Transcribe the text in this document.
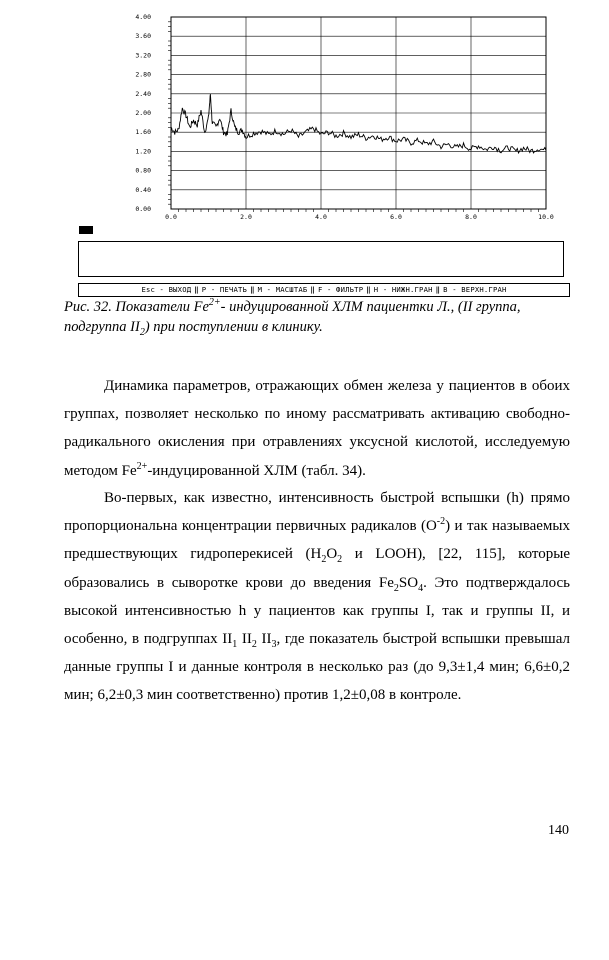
0.00
0.40
0.80
1.20
1.60
2.00
2.40
2.80
3.20
3.60
4.00
0.0	2.0	4.0	6.0	8.0	10.0
Esc - ВЫХОД ‖ P - ПЕЧАТЬ ‖ M - МАСШТАБ ‖ F - ФИЛЬТР ‖ H - НИЖН.ГРАН ‖ B - ВЕРХН.ГРАН
Рис. 32. Показатели $Fe^{2+}-$ индуцированной ХЛМ пациентки Л., (II группа, подгруппа $II_2$) при поступлении в клинику.
Динамика параметров, отражающих обмен железа у пациентов в обоих группах, позволяет несколько по иному рассматривать активацию свободно-радикального окисления при отравлениях уксусной кислотой, исследуемую методом $Fe^{2+}$-индуцированной ХЛМ (табл. 34).
Во-первых, как известно, интенсивность быстрой вспышки (h) прямо пропорциональна концентрации первичных радикалов $(O^{-2})$ и так называемых предшествующих гидроперекисей ($H_2O_2$ и LOOH), [22, 115], которые образовались в сыворотке крови до введения $Fe_2SO_4$. Это подтверждалось высокой интенсивностью h у пациентов как группы I, так и группы II, и особенно, в подгруппах $II_1$ $II_2$ $II_3$, где показатель быстрой вспышки превышал данные группы I и данные контроля в несколько раз (до 9,3±1,4 мин; 6,6±0,2 мин; 6,2±0,3 мин соответственно) против 1,2±0,08 в контроле.
140
